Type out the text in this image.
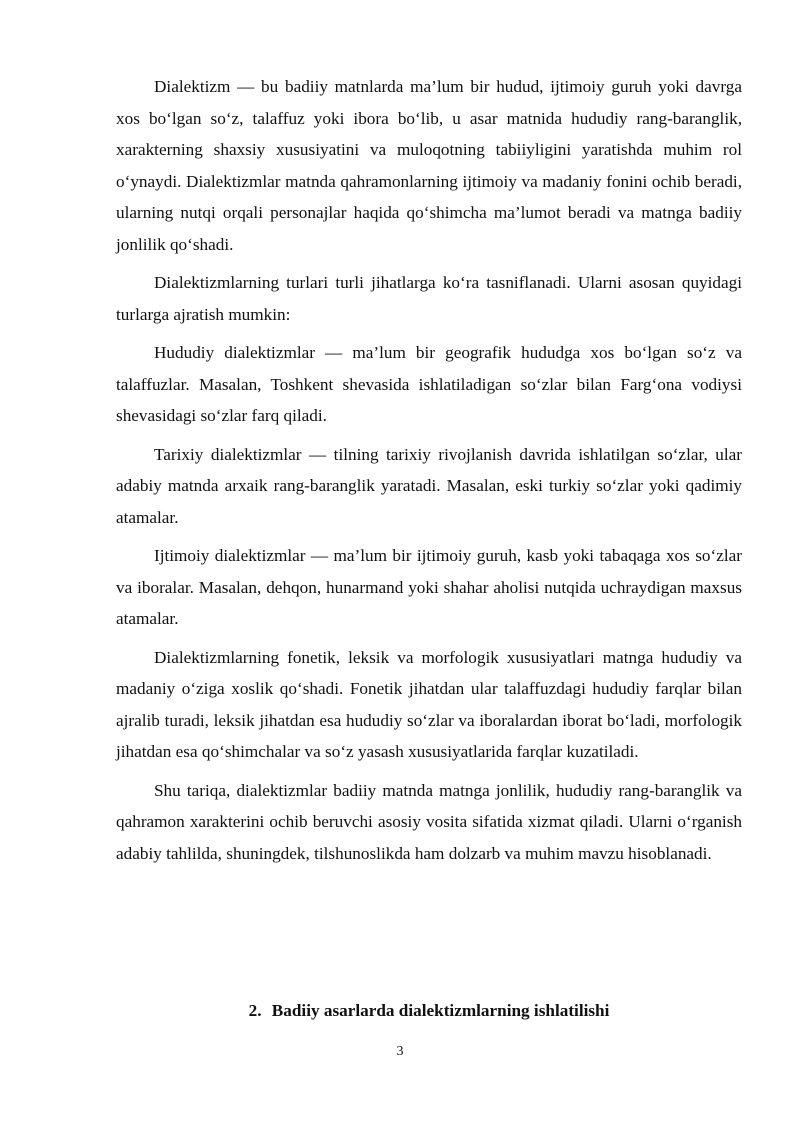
Dialektizm — bu badiiy matnlarda ma’lum bir hudud, ijtimoiy guruh yoki davrga xos bo‘lgan so‘z, talaffuz yoki ibora bo‘lib, u asar matnida hududiy rang-baranglik, xarakterning shaxsiy xususiyatini va muloqotning tabiiyligini yaratishda muhim rol o‘ynaydi. Dialektizmlar matnda qahramonlarning ijtimoiy va madaniy fonini ochib beradi, ularning nutqi orqali personajlar haqida qo‘shimcha ma’lumot beradi va matnga badiiy jonlilik qo‘shadi.

Dialektizmlarning turlari turli jihatlarga ko‘ra tasniflanadi. Ularni asosan quyidagi turlarga ajratish mumkin:

Hududiy dialektizmlar — ma’lum bir geografik hududga xos bo‘lgan so‘z va talaffuzlar. Masalan, Toshkent shevasida ishlatiladigan so‘zlar bilan Farg‘ona vodiysi shevasidagi so‘zlar farq qiladi.

Tarixiy dialektizmlar — tilning tarixiy rivojlanish davrida ishlatilgan so‘zlar, ular adabiy matnda arxaik rang-baranglik yaratadi. Masalan, eski turkiy so‘zlar yoki qadimiy atamalar.

Ijtimoiy dialektizmlar — ma’lum bir ijtimoiy guruh, kasb yoki tabaqaga xos so‘zlar va iboralar. Masalan, dehqon, hunarmand yoki shahar aholisi nutqida uchraydigan maxsus atamalar.

Dialektizmlarning fonetik, leksik va morfologik xususiyatlari matnga hududiy va madaniy o‘ziga xoslik qo‘shadi. Fonetik jihatdan ular talaffuzdagi hududiy farqlar bilan ajralib turadi, leksik jihatdan esa hududiy so‘zlar va iboralardan iborat bo‘ladi, morfologik jihatdan esa qo‘shimchalar va so‘z yasash xususiyatlarida farqlar kuzatiladi.

Shu tariqa, dialektizmlar badiiy matnda matnga jonlilik, hududiy rang-baranglik va qahramon xarakterini ochib beruvchi asosiy vosita sifatida xizmat qiladi. Ularni o‘rganish adabiy tahlilda, shuningdek, tilshunoslikda ham dolzarb va muhim mavzu hisoblanadi.

2. Badiiy asarlarda dialektizmlarning ishlatilishi
3
